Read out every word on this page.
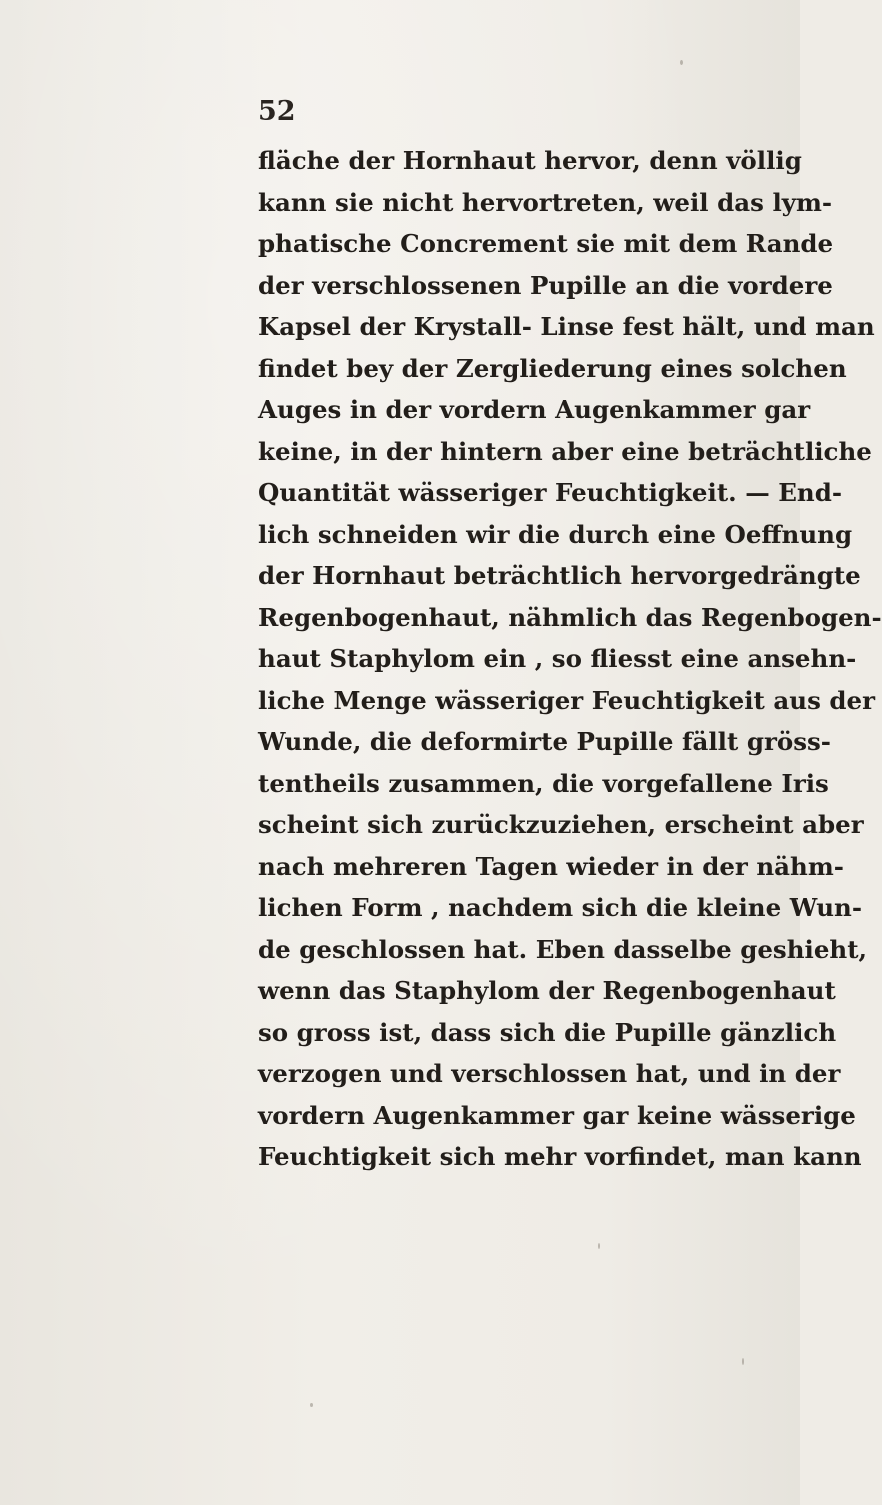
52
fläche der Hornhaut hervor, denn völlig
kann sie nicht hervortreten, weil das lym-
phatische Concrement sie mit dem Rande
der verschlossenen Pupille an die vordere
Kapsel der Krystall- Linse fest hält, und man
findet bey der Zergliederung eines solchen
Auges in der vordern Augenkammer gar
keine, in der hintern aber eine beträchtliche
Quantität wässeriger Feuchtigkeit. — End-
lich schneiden wir die durch eine Oeffnung
der Hornhaut beträchtlich hervorgedrängte
Regenbogenhaut, nähmlich das Regenbogen-
haut Staphylom ein , so fliesst eine ansehn-
liche Menge wässeriger Feuchtigkeit aus der
Wunde, die deformirte Pupille fällt gröss-
tentheils zusammen, die vorgefallene Iris
scheint sich zurückzuziehen, erscheint aber
nach mehreren Tagen wieder in der nähm-
lichen Form , nachdem sich die kleine Wun-
de geschlossen hat. Eben dasselbe geshieht,
wenn das Staphylom der Regenbogenhaut
so gross ist, dass sich die Pupille gänzlich
verzogen und verschlossen hat, und in der
vordern Augenkammer gar keine wässerige
Feuchtigkeit sich mehr vorfindet, man kann
